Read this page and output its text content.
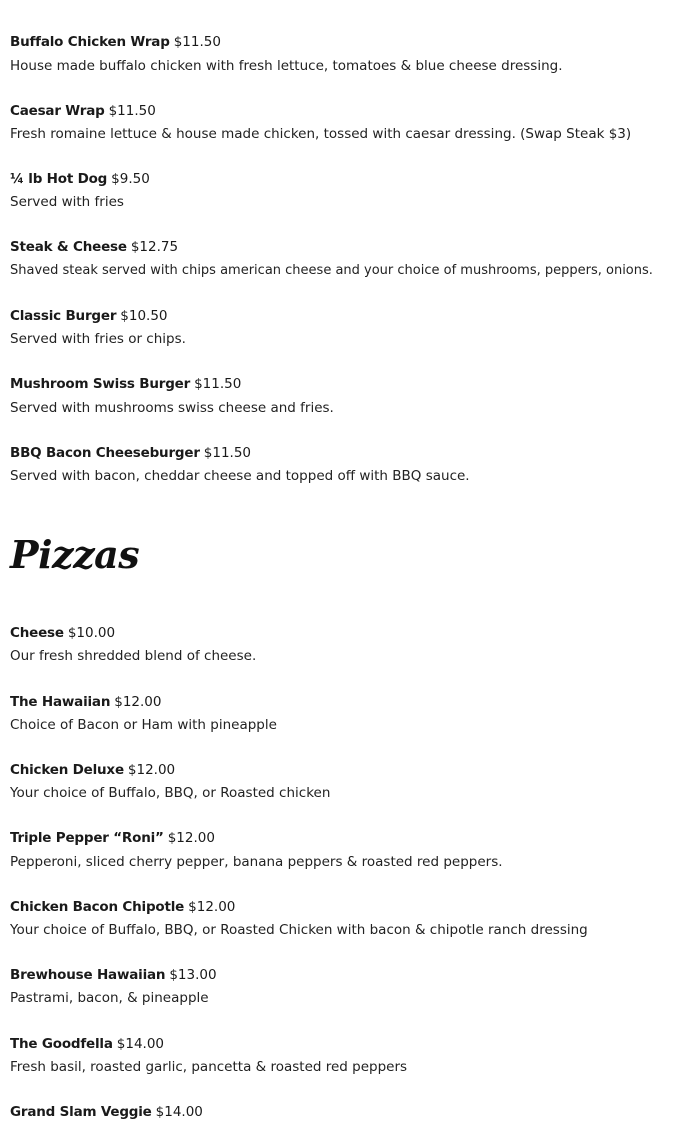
Buffalo Chicken Wrap $11.50
House made buffalo chicken with fresh lettuce, tomatoes & blue cheese dressing.
Caesar Wrap $11.50
Fresh romaine lettuce & house made chicken, tossed with caesar dressing. (Swap Steak $3)
¼ lb Hot Dog $9.50
Served with fries
Steak & Cheese $12.75
Shaved steak served with chips american cheese and your choice of mushrooms, peppers, onions.
Classic Burger $10.50
Served with fries or chips.
Mushroom Swiss Burger $11.50
Served with mushrooms swiss cheese and fries.
BBQ Bacon Cheeseburger $11.50
Served with bacon, cheddar cheese and topped off with BBQ sauce.
Pizzas
Cheese $10.00
Our fresh shredded blend of cheese.
The Hawaiian $12.00
Choice of Bacon or Ham with pineapple
Chicken Deluxe $12.00
Your choice of Buffalo, BBQ, or Roasted chicken
Triple Pepper “Roni” $12.00
Pepperoni, sliced cherry pepper, banana peppers & roasted red peppers.
Chicken Bacon Chipotle $12.00
Your choice of Buffalo, BBQ, or Roasted Chicken with bacon & chipotle ranch dressing
Brewhouse Hawaiian $13.00
Pastrami, bacon, & pineapple
The Goodfella $14.00
Fresh basil, roasted garlic, pancetta & roasted red peppers
Grand Slam Veggie $14.00
